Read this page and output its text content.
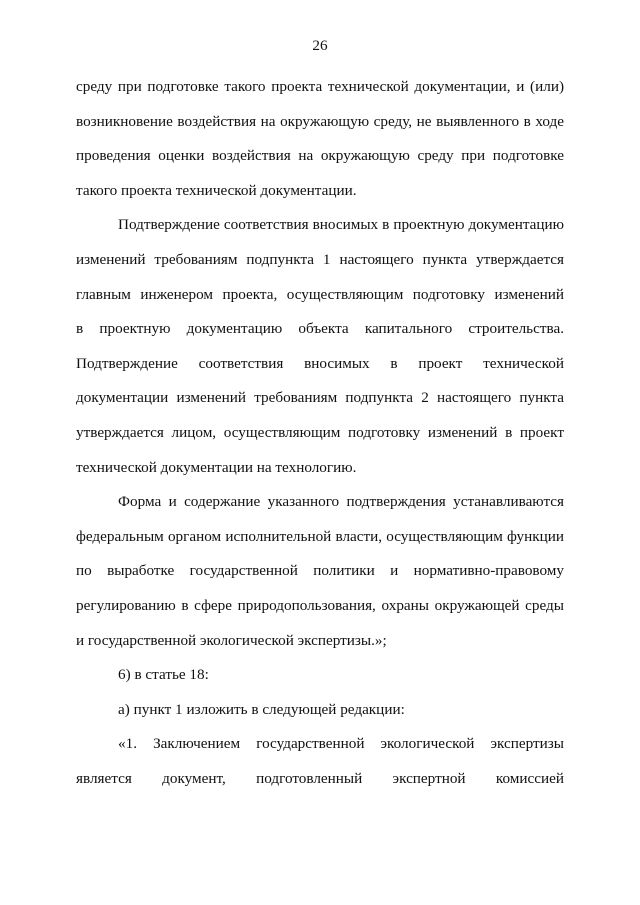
26
среду при подготовке такого проекта технической документации, и (или)
возникновение воздействия на окружающую среду, не выявленного в ходе
проведения оценки воздействия на окружающую среду при подготовке
такого проекта технической документации.
Подтверждение соответствия вносимых в проектную документацию
изменений требованиям подпункта 1 настоящего пункта утверждается
главным инженером проекта, осуществляющим подготовку изменений
в проектную документацию объекта капитального строительства.
Подтверждение соответствия вносимых в проект технической
документации изменений требованиям подпункта 2 настоящего пункта
утверждается лицом, осуществляющим подготовку изменений в проект
технической документации на технологию.
Форма и содержание указанного подтверждения устанавливаются
федеральным органом исполнительной власти, осуществляющим функции
по выработке государственной политики и нормативно-правовому
регулированию в сфере природопользования, охраны окружающей среды
и государственной экологической экспертизы.»;
6) в статье 18:
а) пункт 1 изложить в следующей редакции:
«1. Заключением государственной экологической экспертизы
является документ, подготовленный экспертной комиссией
